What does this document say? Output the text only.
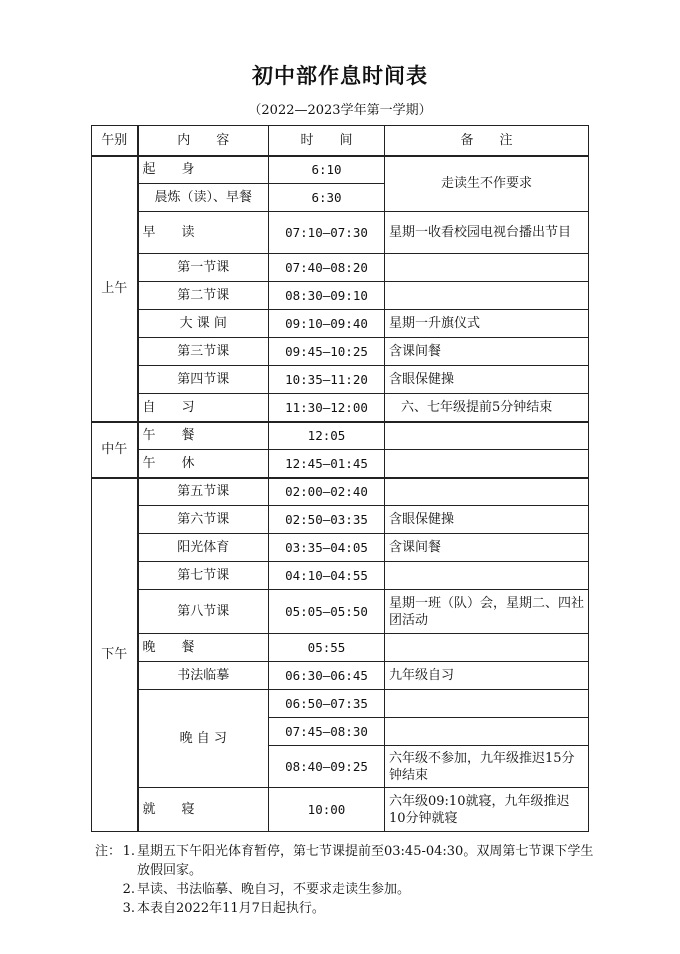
初中部作息时间表
（2022—2023学年第一学期）
午别	内　　容	时　　间	备　　注
上午	起　　身	6:10	走读生不作要求
	晨炼（读）、早餐	6:30	
	早　　读	07:10—07:30	星期一收看校园电视台播出节目
	第一节课	07:40—08:20	
	第二节课	08:30—09:10	
	大 课 间	09:10—09:40	星期一升旗仪式
	第三节课	09:45—10:25	含课间餐
	第四节课	10:35—11:20	含眼保健操
	自　　习	11:30—12:00	六、七年级提前5分钟结束
中午	午　　餐	12:05	
	午　　休	12:45—01:45	
下午	第五节课	02:00—02:40	
	第六节课	02:50—03:35	含眼保健操
	阳光体育	03:35—04:05	含课间餐
	第七节课	04:10—04:55	
	第八节课	05:05—05:50	星期一班（队）会，星期二、四社团活动
	晚　　餐	05:55	
	书法临摹	06:30—06:45	九年级自习
	晚 自 习	06:50—07:35	
		07:45—08:30	
		08:40—09:25	六年级不参加，九年级推迟15分钟结束
	就　　寝	10:00	六年级09:10就寝，九年级推迟10分钟就寝
注： 1. 星期五下午阳光体育暂停，第七节课提前至03:45-04:30。双周第七节课下学生放假回家。
2. 早读、书法临摹、晚自习，不要求走读生参加。
3. 本表自2022年11月7日起执行。
